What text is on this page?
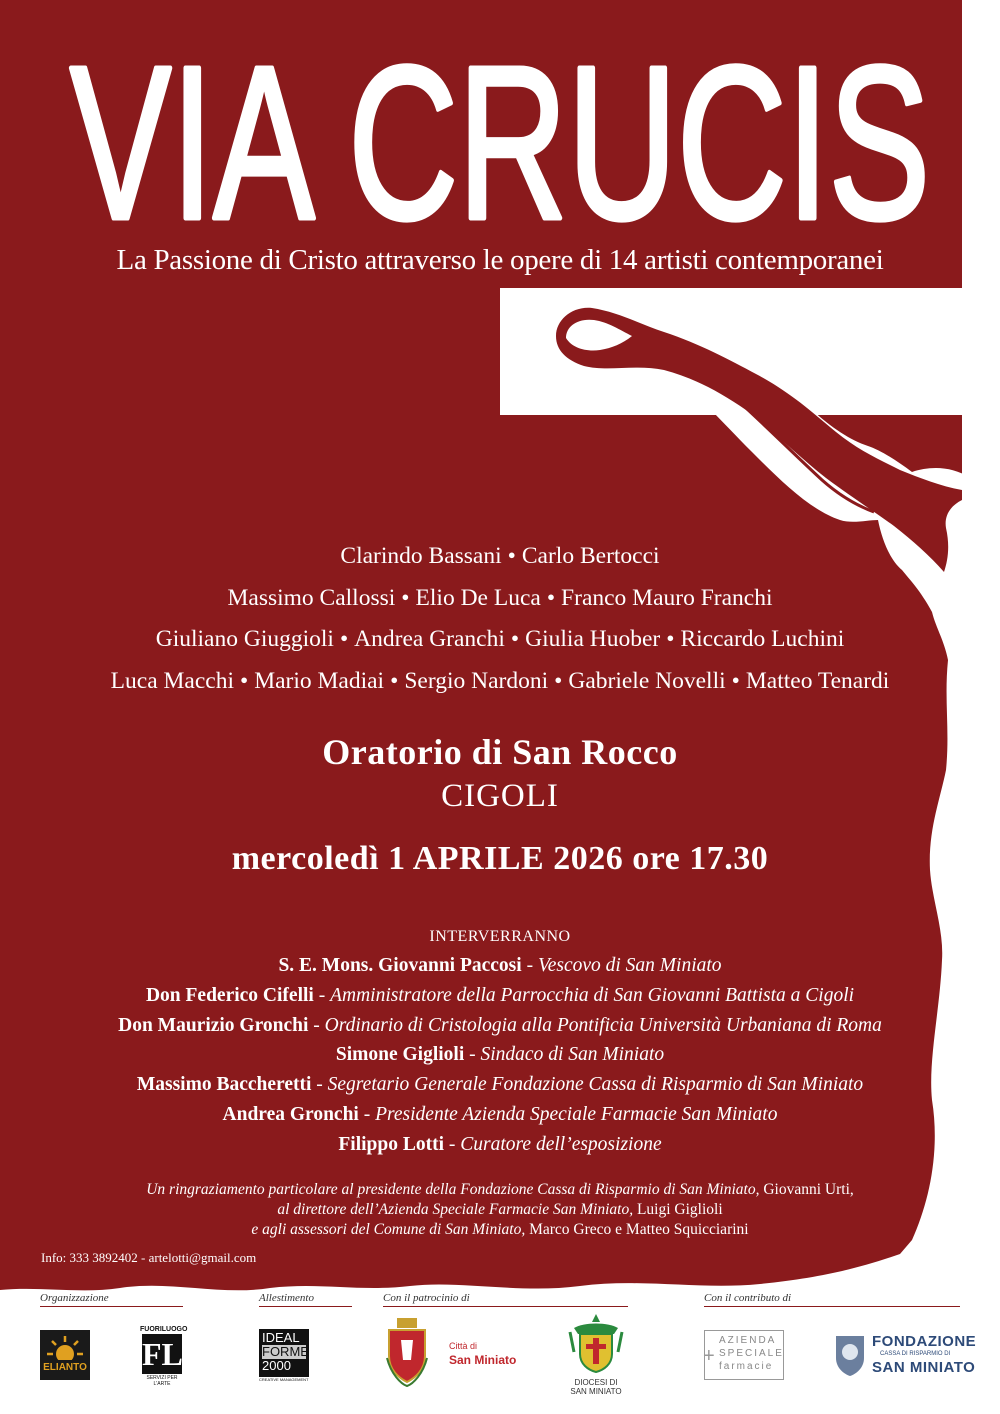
VIA CRUCIS
La Passione di Cristo attraverso le opere di 14 artisti contemporanei
Clarindo Bassani • Carlo Bertocci
Massimo Callossi • Elio De Luca • Franco Mauro Franchi
Giuliano Giuggioli • Andrea Granchi • Giulia Huober • Riccardo Luchini
Luca Macchi • Mario Madiai • Sergio Nardoni • Gabriele Novelli • Matteo Tenardi
Oratorio di San Rocco
CIGOLI
mercoledì 1 APRILE 2026 ore 17.30
INTERVERRANNO
S. E. Mons. Giovanni Paccosi - Vescovo di San Miniato
Don Federico Cifelli - Amministratore della Parrocchia di San Giovanni Battista a Cigoli
Don Maurizio Gronchi - Ordinario di Cristologia alla Pontificia Università Urbaniana di Roma
Simone Giglioli - Sindaco di San Miniato
Massimo Baccheretti - Segretario Generale Fondazione Cassa di Risparmio di San Miniato
Andrea Gronchi - Presidente Azienda Speciale Farmacie San Miniato
Filippo Lotti - Curatore dell’esposizione
Un ringraziamento particolare al presidente della Fondazione Cassa di Risparmio di San Miniato, Giovanni Urti,
al direttore dell’Azienda Speciale Farmacie San Miniato, Luigi Giglioli
e agli assessori del Comune di San Miniato, Marco Greco e Matteo Squicciarini
Info: 333 3892402 - artelotti@gmail.com
Organizzazione	Allestimento	Con il patrocinio di	Con il contributo di
ELIANTO
FUORILUOGO
FL
SERVIZI PER L'ARTE
IDEAL
FORME
2000
CREATIVE MANAGEMENT
Città di
San Miniato
DIOCESI DI
SAN MINIATO
+
AZIENDA
SPECIALE
farmacie
FONDAZIONE
CASSA DI RISPARMIO DI
SAN MINIATO
